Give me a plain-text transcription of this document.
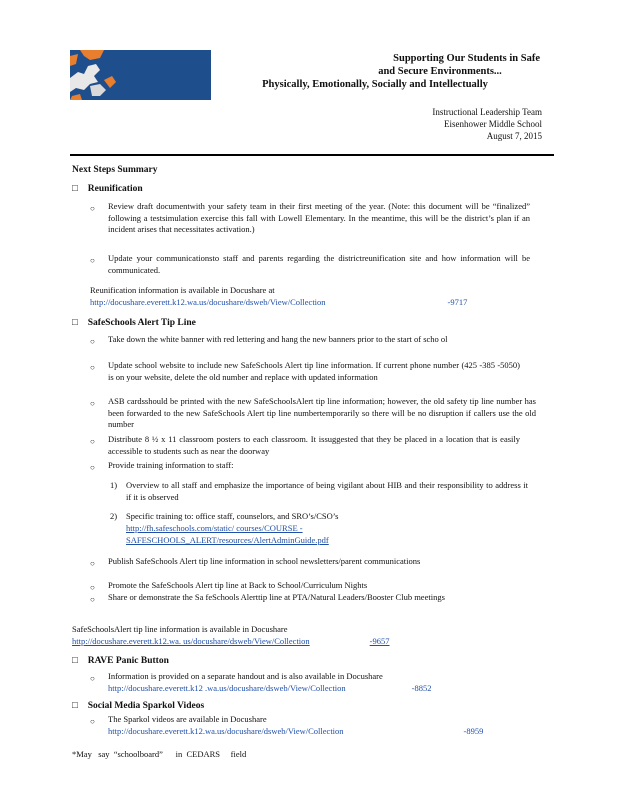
Supporting Our Students in Safe
and Secure Environments...
Physically, Emotionally, Socially and Intellectually
Instructional Leadership Team
Eisenhower Middle School
August 7, 2015
Next Steps Summary
□ Reunification
○ Review draft documentwith your safety team in their first meeting of the year. (Note: this document will be “finalized” following a testsimulation exercise this fall with Lowell Elementary. In the meantime, this will be the district’s plan if an incident arises that necessitates activation.)
○ Update your communicationsto staff and parents regarding the districtreunification site and how information will be communicated.
Reunification information is available in Docushare at
http://docushare.everett.k12.wa.us/docushare/dsweb/View/Collection	-9717
□ SafeSchools Alert Tip Line
○ Take down the white banner with red lettering and hang the new banners prior to the start of scho ol
○ Update school website to include new SafeSchools Alert tip line information. If current phone number (425 -385 -5050) is on your website, delete the old number and replace with updated information
○ ASB cardsshould be printed with the new SafeSchoolsAlert tip line information; however, the old safety tip line number has been forwarded to the new SafeSchools Alert tip line numbertemporarily so there will be no disruption if callers use the old number
○ Distribute 8 ½ x 11 classroom posters to each classroom. It issuggested that they be placed in a location that is easily accessible to students such as near the doorway
○ Provide training information to staff:
1) Overview to all staff and emphasize the importance of being vigilant about HIB and their responsibility to address it if it is observed
2) Specific training to: office staff, counselors, and SRO’s/CSO’s
http://fh.safeschools.com/static/ courses/COURSE -
SAFESCHOOLS_ALERT/resources/AlertAdminGuide.pdf
○ Publish SafeSchools Alert tip line information in school newsletters/parent communications
○ Promote the SafeSchools Alert tip line at Back to School/Curriculum Nights
○ Share or demonstrate the Sa feSchools Alerttip line at PTA/Natural Leaders/Booster Club meetings
SafeSchoolsAlert tip line information is available in Docushare
http://docushare.everett.k12.wa. us/docushare/dsweb/View/Collection	-9657
□ RAVE Panic Button
○ Information is provided on a separate handout and is also available in Docushare
http://docushare.everett.k12 .wa.us/docushare/dsweb/View/Collection	-8852
□ Social Media Sparkol Videos
○ The Sparkol videos are available in Docushare
http://docushare.everett.k12.wa.us/docushare/dsweb/View/Collection	-8959
*May   say  “schoolboard”      in  CEDARS     field
